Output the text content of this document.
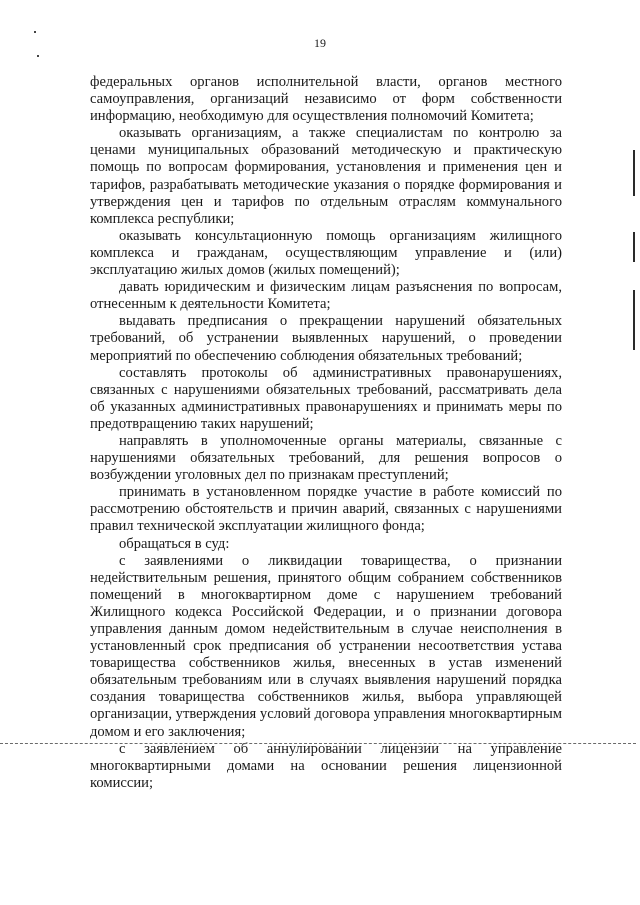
19

федеральных органов исполнительной власти, органов местного самоуправления, организаций независимо от форм собственности информацию, необходимую для осуществления полномочий Комитета;

оказывать организациям, а также специалистам по контролю за ценами муниципальных образований методическую и практическую помощь по вопросам формирования, установления и применения цен и тарифов, разрабатывать методические указания о порядке формирования и утверждения цен и тарифов по отдельным отраслям коммунального комплекса республики;

оказывать консультационную помощь организациям жилищного комплекса и гражданам, осуществляющим управление и (или) эксплуатацию жилых домов (жилых помещений);

давать юридическим и физическим лицам разъяснения по вопросам, отнесенным к деятельности Комитета;

выдавать предписания о прекращении нарушений обязательных требований, об устранении выявленных нарушений, о проведении мероприятий по обеспечению соблюдения обязательных требований;

составлять протоколы об административных правонарушениях, связанных с нарушениями обязательных требований, рассматривать дела об указанных административных правонарушениях и принимать меры по предотвращению таких нарушений;

направлять в уполномоченные органы материалы, связанные с нарушениями обязательных требований, для решения вопросов о возбуждении уголовных дел по признакам преступлений;

принимать в установленном порядке участие в работе комиссий по рассмотрению обстоятельств и причин аварий, связанных с нарушениями правил технической эксплуатации жилищного фонда;

обращаться в суд:

с заявлениями о ликвидации товарищества, о признании недействительным решения, принятого общим собранием собственников помещений в многоквартирном доме с нарушением требований Жилищного кодекса Российской Федерации, и о признании договора управления данным домом недействительным в случае неисполнения в установленный срок предписания об устранении несоответствия устава товарищества собственников жилья, внесенных в устав изменений обязательным требованиям или в случаях выявления нарушений порядка создания товарищества собственников жилья, выбора управляющей организации, утверждения условий договора управления многоквартирным домом и его заключения;

с заявлением об аннулировании лицензии на управление многоквартирными домами на основании решения лицензионной комиссии;
